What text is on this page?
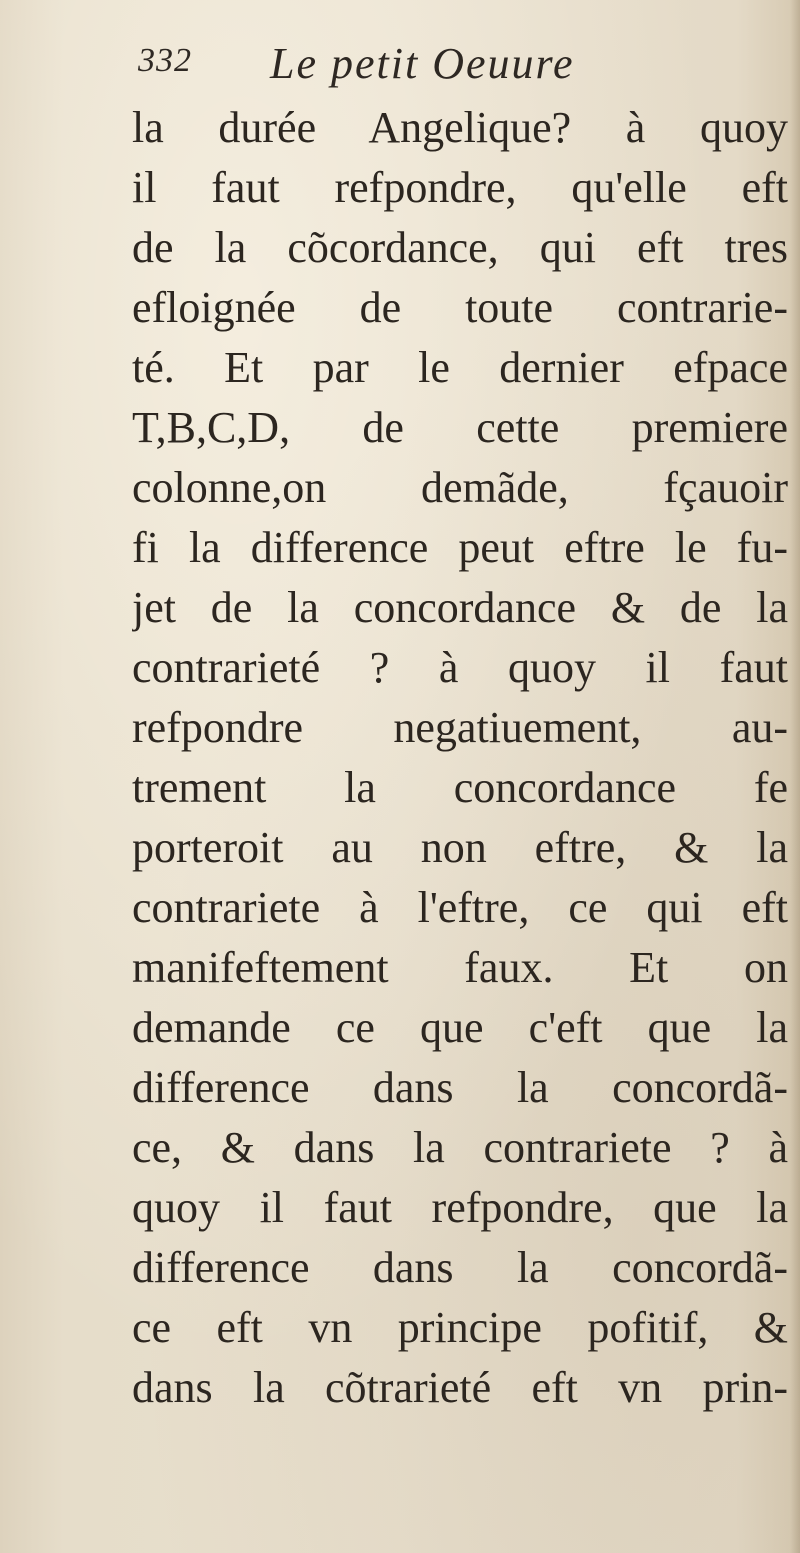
332 Le petit Oeuure
la durée Angelique? à quoy
il faut refpondre, qu'elle eft
de la cõcordance, qui eft tres
efloignée de toute contrarie-
té. Et par le dernier efpace
T,B,C,D, de cette premiere
colonne,on demãde, fçauoir
fi la difference peut eftre le fu-
jet de la concordance & de la
contrarieté ? à quoy il faut
refpondre negatiuement, au-
trement la concordance fe
porteroit au non eftre, & la
contrariete à l'eftre, ce qui eft
manifeftement faux. Et on
demande ce que c'eft que la
difference dans la concordã-
ce, & dans la contrariete ? à
quoy il faut refpondre, que la
difference dans la concordã-
ce eft vn principe pofitif, &
dans la cõtrarieté eft vn prin-
